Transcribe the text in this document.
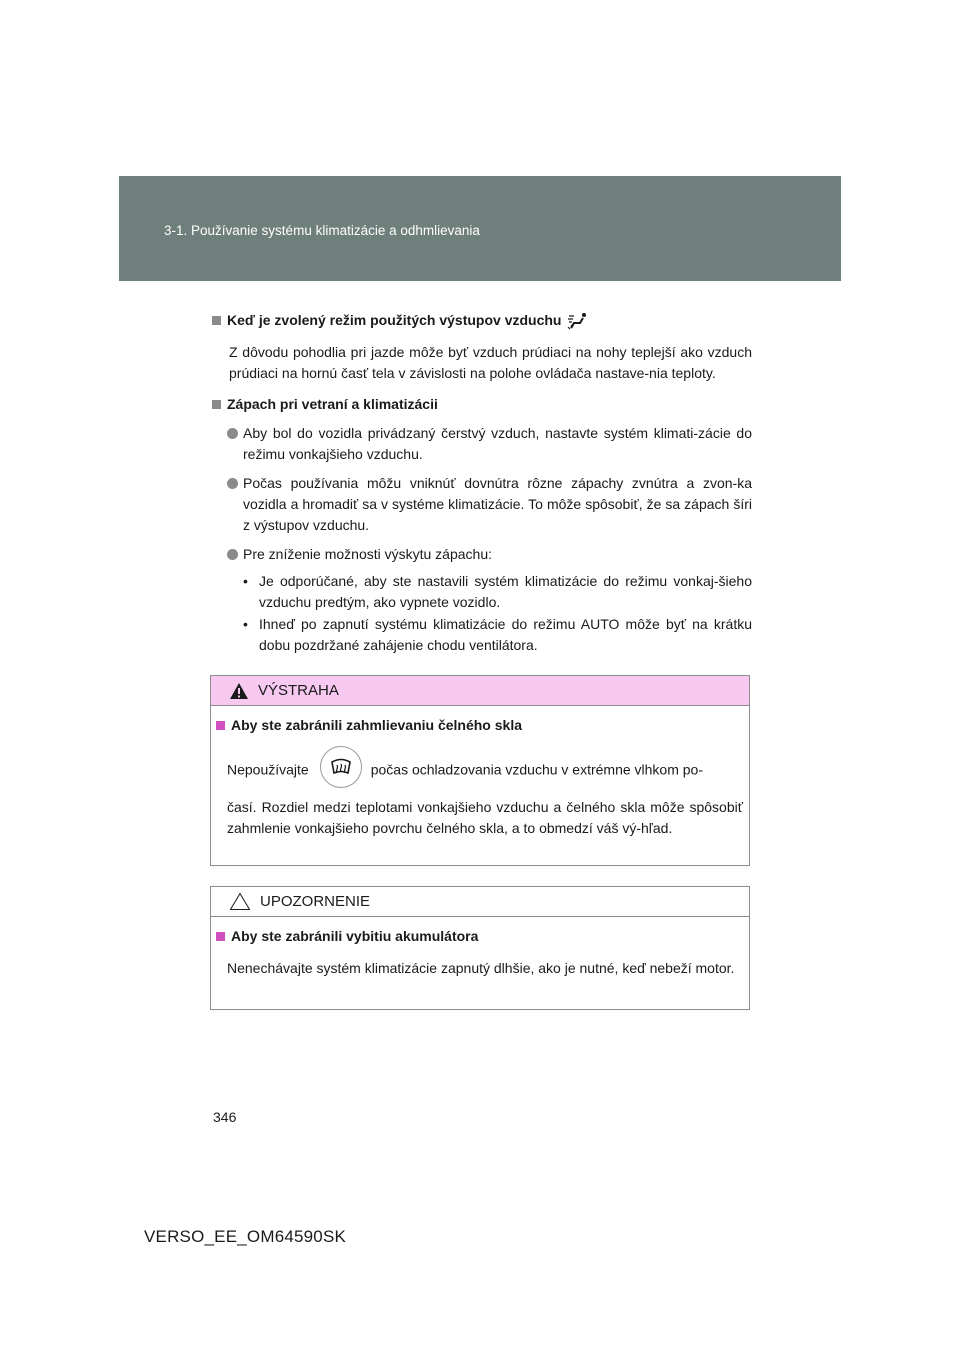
3-1. Používanie systému klimatizácie a odhmlievania
Keď je zvolený režim použitých výstupov vzduchu
Z dôvodu pohodlia pri jazde môže byť vzduch prúdiaci na nohy teplejší ako vzduch prúdiaci na hornú časť tela v závislosti na polohe ovládača nastave-nia teploty.
Zápach pri vetraní a klimatizácii
Aby bol do vozidla privádzaný čerstvý vzduch, nastavte systém klimati-zácie do režimu vonkajšieho vzduchu.
Počas používania môžu vniknúť dovnútra rôzne zápachy zvnútra a zvon-ka vozidla a hromadiť sa v systéme klimatizácie. To môže spôsobiť, že sa zápach šíri z výstupov vzduchu.
Pre zníženie možnosti výskytu zápachu:
• Je odporúčané, aby ste nastavili systém klimatizácie do režimu vonkaj-šieho vzduchu predtým, ako vypnete vozidlo.
• Ihneď po zapnutí systému klimatizácie do režimu AUTO môže byť na krátku dobu pozdržané zahájenie chodu ventilátora.
VÝSTRAHA
Aby ste zabránili zahmlievaniu čelného skla
Nepoužívajte	počas ochladzovania vzduchu v extrémne vlhkom po-
časí. Rozdiel medzi teplotami vonkajšieho vzduchu a čelného skla môže spôsobiť zahmlenie vonkajšieho povrchu čelného skla, a to obmedzí váš vý-hľad.
UPOZORNENIE
Aby ste zabránili vybitiu akumulátora
Nenechávajte systém klimatizácie zapnutý dlhšie, ako je nutné, keď nebeží motor.
346
VERSO_EE_OM64590SK
